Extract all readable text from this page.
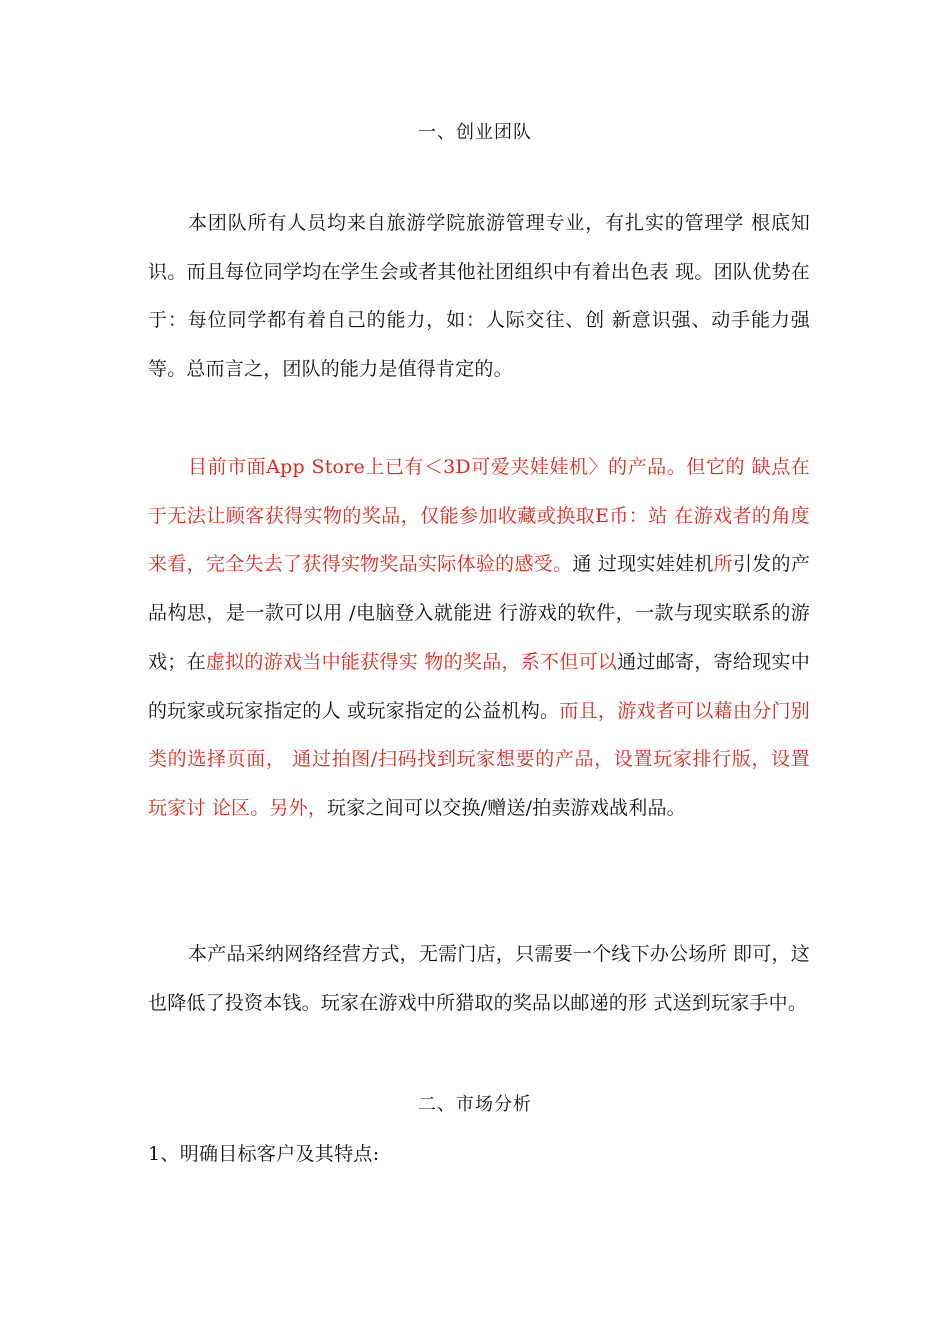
一、创业团队

本团队所有人员均来自旅游学院旅游管理专业，有扎实的管理学 根底知识。而且每位同学均在学生会或者其他社团组织中有着出色表 现。团队优势在于：每位同学都有着自己的能力，如：人际交往、创 新意识强、动手能力强等。总而言之，团队的能力是值得肯定的。

目前市面App Store上已有＜3D可爱夹娃娃机〉的产品。但它的 缺点在于无法让顾客获得实物的奖品，仅能参加收藏或换取E币：站 在游戏者的角度来看，完全失去了获得实物奖品实际体验的感受。通 过现实娃娃机所引发的产品构思，是一款可以用 /电脑登入就能进 行游戏的软件，一款与现实联系的游戏；在虚拟的游戏当中能获得实 物的奖品，系不但可以通过邮寄，寄给现实中的玩家或玩家指定的人 或玩家指定的公益机构。而且，游戏者可以藉由分门别类的选择页面， 通过拍图/扫码找到玩家想要的产品，设置玩家排行版，设置玩家讨 论区。另外，玩家之间可以交换/赠送/拍卖游戏战利品。

本产品采纳网络经营方式，无需门店，只需要一个线下办公场所 即可，这也降低了投资本钱。玩家在游戏中所猎取的奖品以邮递的形 式送到玩家手中。

二、市场分析
1、明确目标客户及其特点:
